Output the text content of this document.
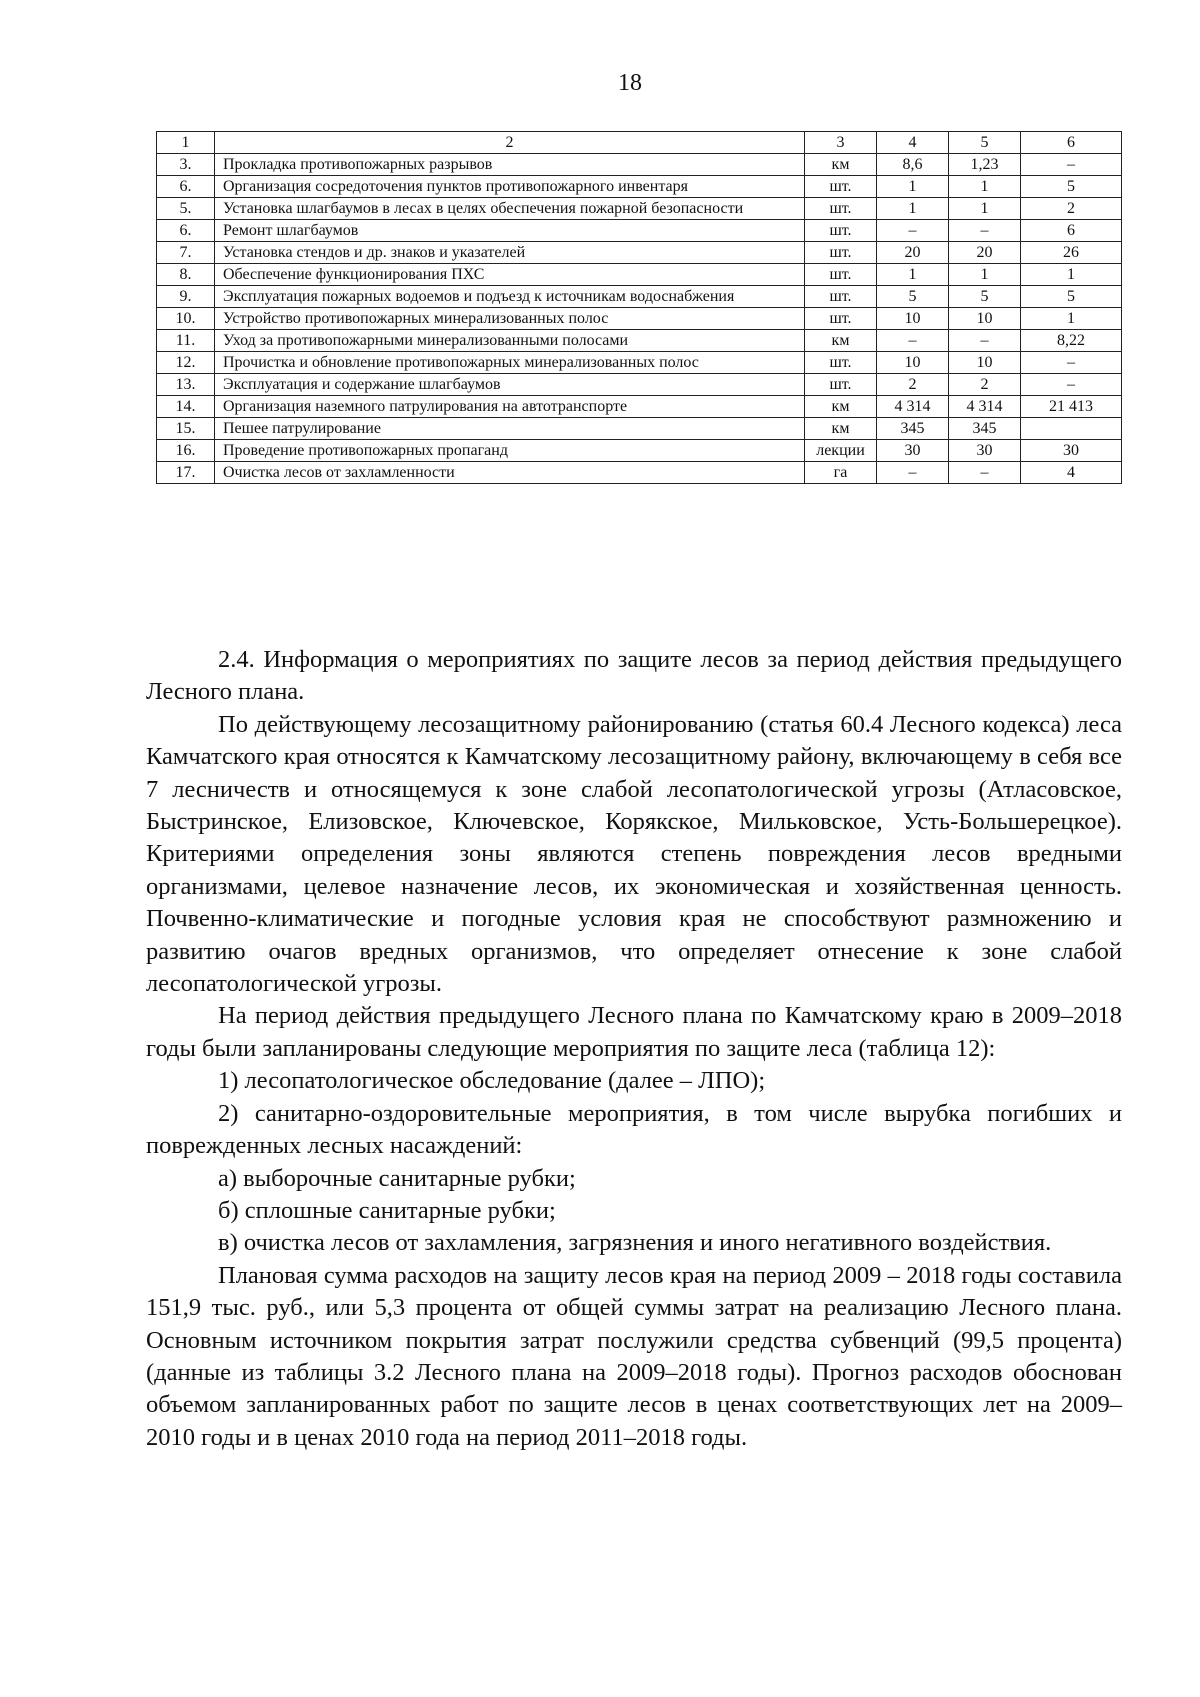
18
1	2	3	4	5	6
3.	Прокладка противопожарных разрывов	км	8,6	1,23	–
6.	Организация сосредоточения пунктов противопожарного инвентаря	шт.	1	1	5
5.	Установка шлагбаумов в лесах в целях обеспечения пожарной безопасности	шт.	1	1	2
6.	Ремонт шлагбаумов	шт.	–	–	6
7.	Установка стендов и др. знаков и указателей	шт.	20	20	26
8.	Обеспечение функционирования ПХС	шт.	1	1	1
9.	Эксплуатация пожарных водоемов и подъезд к источникам водоснабжения	шт.	5	5	5
10.	Устройство противопожарных минерализованных полос	шт.	10	10	1
11.	Уход за противопожарными минерализованными полосами	км	–	–	8,22
12.	Прочистка и обновление противопожарных минерализованных полос	шт.	10	10	–
13.	Эксплуатация и содержание шлагбаумов	шт.	2	2	–
14.	Организация наземного патрулирования на автотранспорте	км	4 314	4 314	21 413
15.	Пешее патрулирование	км	345	345	
16.	Проведение противопожарных пропаганд	лекции	30	30	30
17.	Очистка лесов от захламленности	га	–	–	4

2.4. Информация о мероприятиях по защите лесов за период действия предыдущего Лесного плана.

По действующему лесозащитному районированию (статья 60.4 Лесного кодекса) леса Камчатского края относятся к Камчатскому лесозащитному району, включающему в себя все 7 лесничеств и относящемуся к зоне слабой лесопатологической угрозы (Атласовское, Быстринское, Елизовское, Ключевское, Корякское, Мильковское, Усть-Большерецкое). Критериями определения зоны являются степень повреждения лесов вредными организмами, целевое назначение лесов, их экономическая и хозяйственная ценность. Почвенно-климатические и погодные условия края не способствуют размножению и развитию очагов вредных организмов, что определяет отнесение к зоне слабой лесопатологической угрозы.

На период действия предыдущего Лесного плана по Камчатскому краю в 2009–2018 годы были запланированы следующие мероприятия по защите леса (таблица 12):

1) лесопатологическое обследование (далее – ЛПО);

2) санитарно-оздоровительные мероприятия, в том числе вырубка погибших и поврежденных лесных насаждений:

а) выборочные санитарные рубки;

б) сплошные санитарные рубки;

в) очистка лесов от захламления, загрязнения и иного негативного воздействия.

Плановая сумма расходов на защиту лесов края на период 2009 – 2018 годы составила 151,9 тыс. руб., или 5,3 процента от общей суммы затрат на реализацию Лесного плана. Основным источником покрытия затрат послужили средства субвенций (99,5 процента) (данные из таблицы 3.2 Лесного плана на 2009–2018 годы). Прогноз расходов обоснован объемом запланированных работ по защите лесов в ценах соответствующих лет на 2009–2010 годы и в ценах 2010 года на период 2011–2018 годы.
